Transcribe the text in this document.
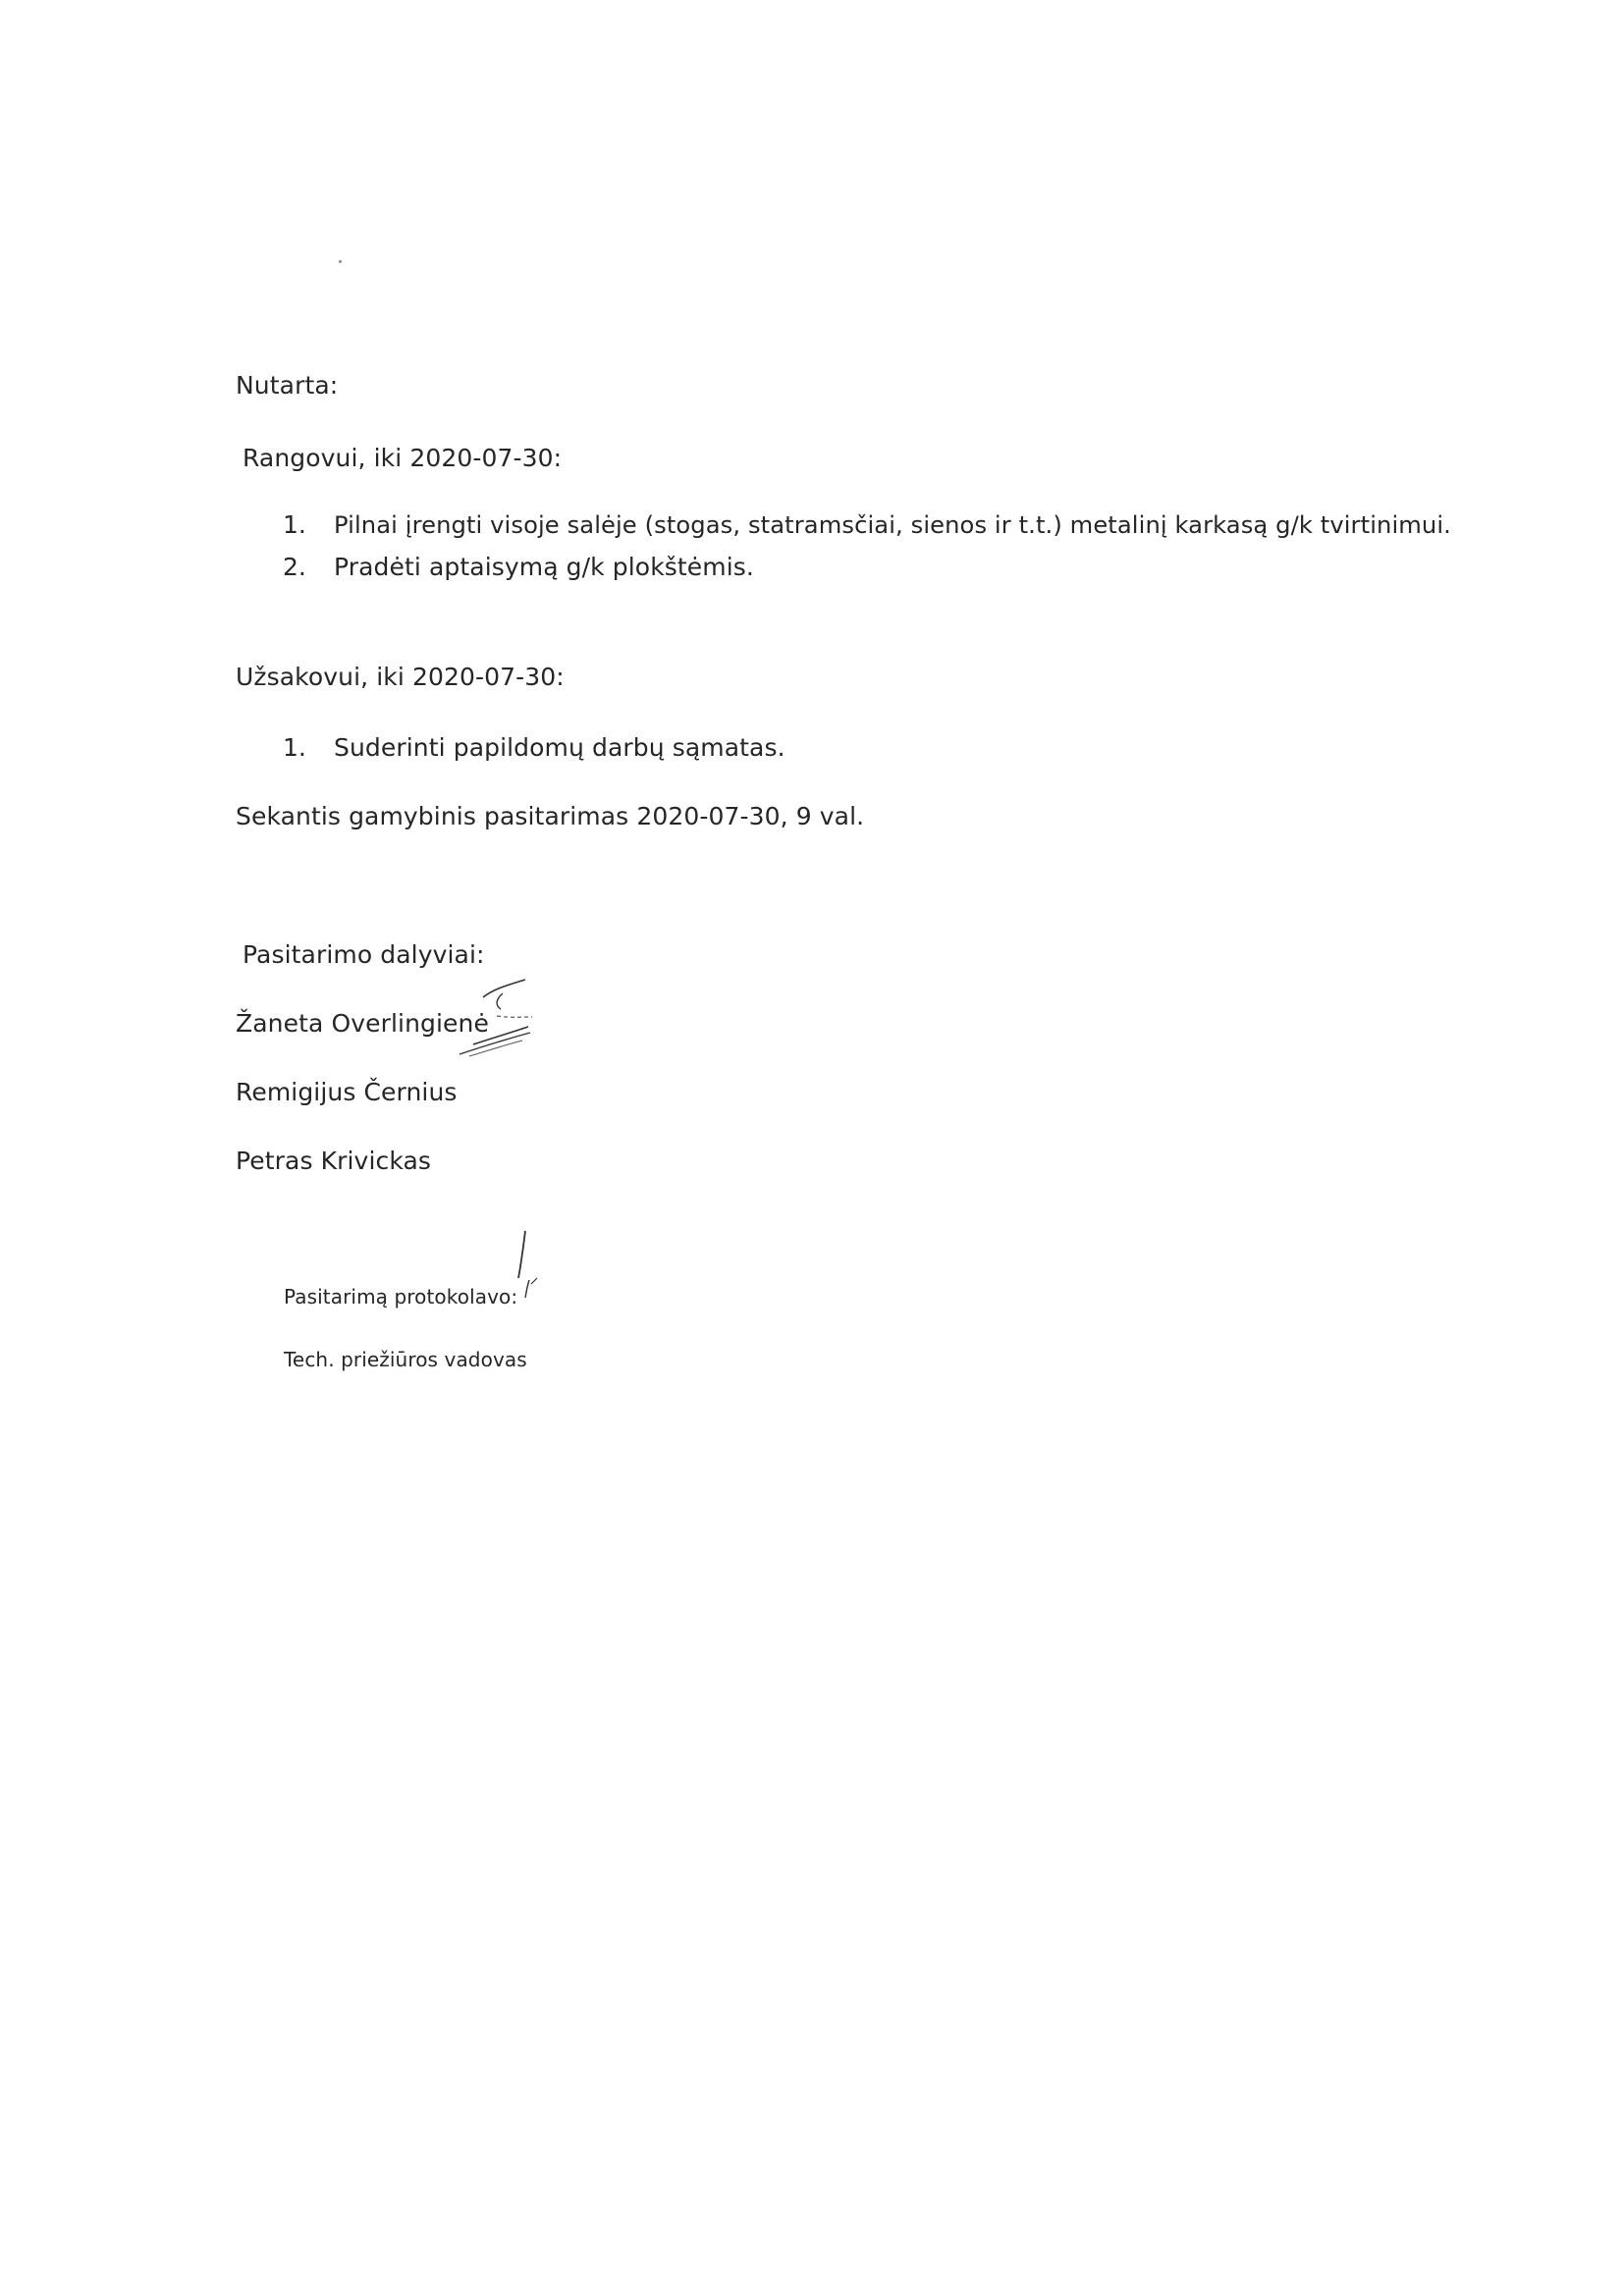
Nutarta:
Rangovui, iki 2020-07-30:
1. Pilnai įrengti visoje salėje (stogas, statramsčiai, sienos ir t.t.) metalinį karkasą g/k tvirtinimui.
2. Pradėti aptaisymą g/k plokštėmis.
Užsakovui, iki 2020-07-30:
1. Suderinti papildomų darbų sąmatas.
Sekantis gamybinis pasitarimas 2020-07-30, 9 val.
Pasitarimo dalyviai:
Žaneta Overlingienė
Remigijus Černius
Petras Krivickas
Pasitarimą protokolavo:
Tech. priežiūros vadovas
